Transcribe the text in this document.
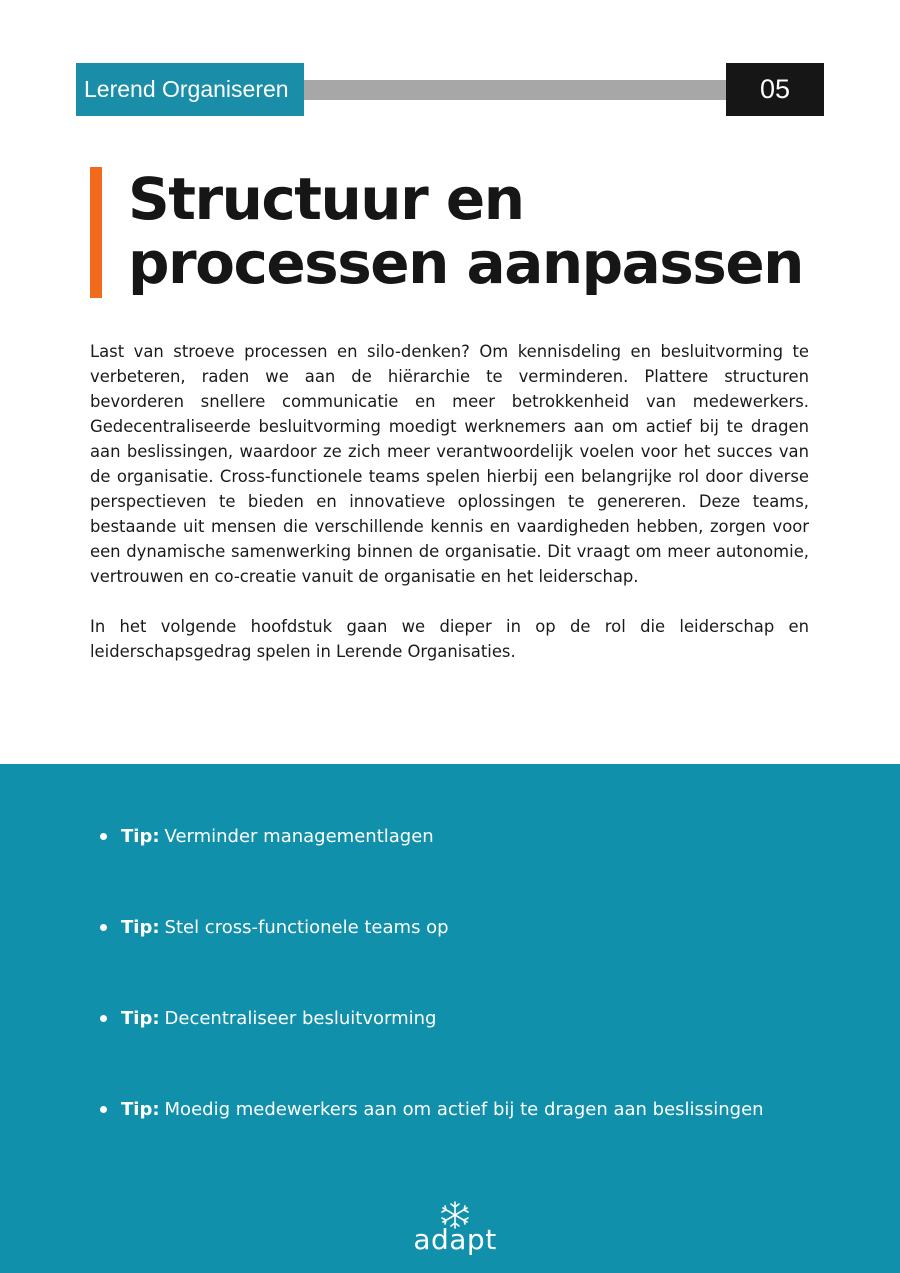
Lerend Organiseren	05
Structuur en
processen aanpassen

Last van stroeve processen en silo-denken? Om kennisdeling en besluitvorming te verbeteren, raden we aan de hiërarchie te verminderen. Plattere structuren bevorderen snellere communicatie en meer betrokkenheid van medewerkers. Gedecentraliseerde besluitvorming moedigt werknemers aan om actief bij te dragen aan beslissingen, waardoor ze zich meer verantwoordelijk voelen voor het succes van de organisatie. Cross-functionele teams spelen hierbij een belangrijke rol door diverse perspectieven te bieden en innovatieve oplossingen te genereren. Deze teams, bestaande uit mensen die verschillende kennis en vaardigheden hebben, zorgen voor een dynamische samenwerking binnen de organisatie. Dit vraagt om meer autonomie, vertrouwen en co-creatie vanuit de organisatie en het leiderschap.

In het volgende hoofdstuk gaan we dieper in op de rol die leiderschap en leiderschapsgedrag spelen in Lerende Organisaties.

Tip: Verminder managementlagen
Tip: Stel cross-functionele teams op
Tip: Decentraliseer besluitvorming
Tip: Moedig medewerkers aan om actief bij te dragen aan beslissingen
adapt
